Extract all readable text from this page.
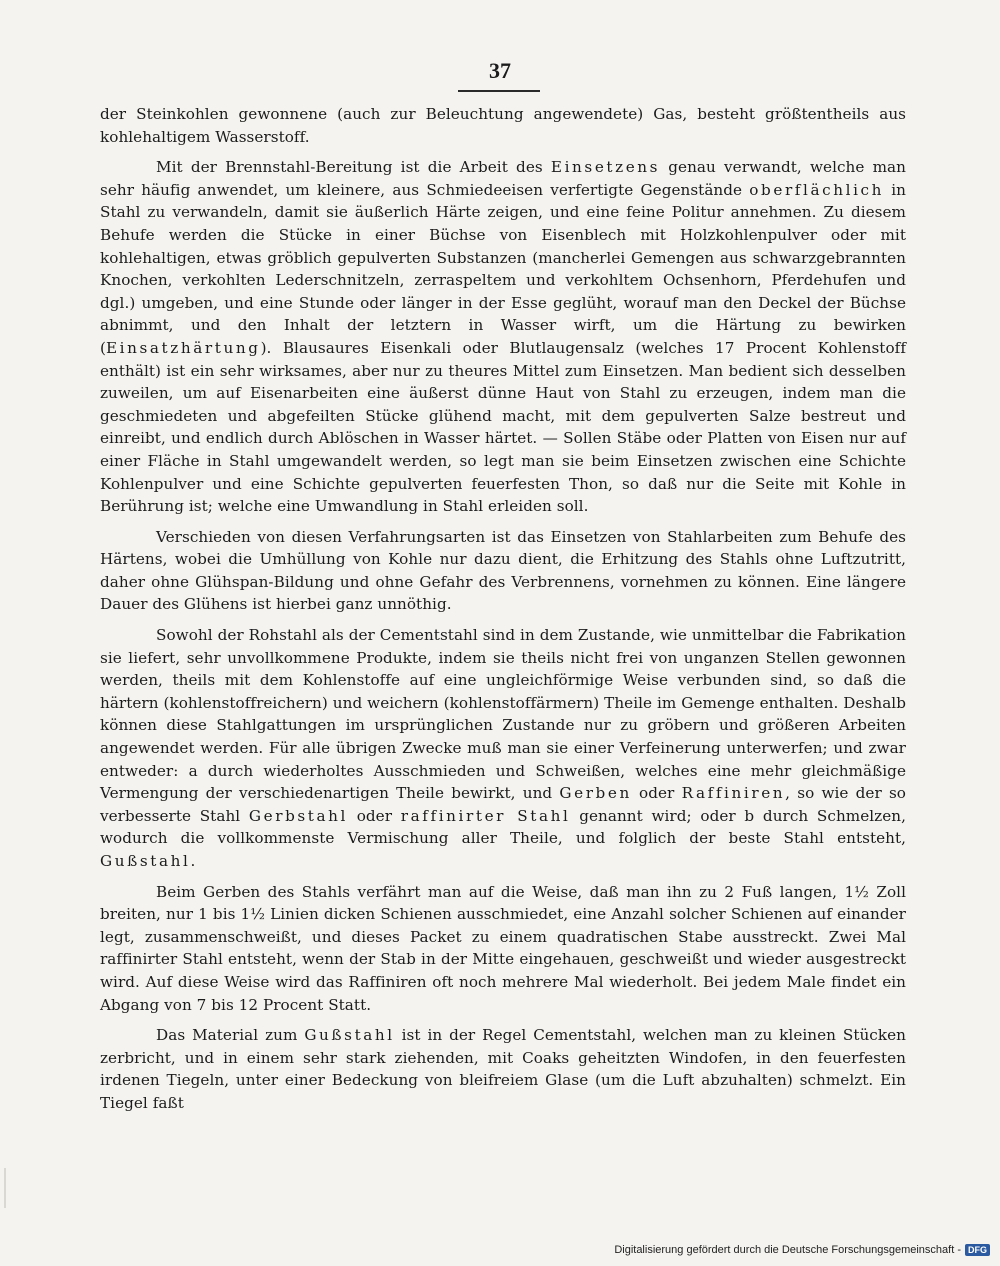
37

der Steinkohlen gewonnene (auch zur Beleuchtung angewendete) Gas, besteht größtentheils aus kohlehaltigem Wasserstoff.

Mit der Brennstahl-Bereitung ist die Arbeit des Einsetzens genau verwandt, welche man sehr häufig anwendet, um kleinere, aus Schmiedeeisen verfertigte Gegenstände oberflächlich in Stahl zu verwandeln, damit sie äußerlich Härte zeigen, und eine feine Politur annehmen. Zu diesem Behufe werden die Stücke in einer Büchse von Eisenblech mit Holzkohlenpulver oder mit kohlehaltigen, etwas gröblich gepulverten Substanzen (mancherlei Gemengen aus schwarzgebrannten Knochen, verkohlten Lederschnitzeln, zerraspeltem und verkohltem Ochsenhorn, Pferdehufen und dgl.) umgeben, und eine Stunde oder länger in der Esse geglüht, worauf man den Deckel der Büchse abnimmt, und den Inhalt der letztern in Wasser wirft, um die Härtung zu bewirken (Einsatzhärtung). Blausaures Eisenkali oder Blutlaugensalz (welches 17 Procent Kohlenstoff enthält) ist ein sehr wirksames, aber nur zu theures Mittel zum Einsetzen. Man bedient sich desselben zuweilen, um auf Eisenarbeiten eine äußerst dünne Haut von Stahl zu erzeugen, indem man die geschmiedeten und abgefeilten Stücke glühend macht, mit dem gepulverten Salze bestreut und einreibt, und endlich durch Ablöschen in Wasser härtet. — Sollen Stäbe oder Platten von Eisen nur auf einer Fläche in Stahl umgewandelt werden, so legt man sie beim Einsetzen zwischen eine Schichte Kohlenpulver und eine Schichte gepulverten feuerfesten Thon, so daß nur die Seite mit Kohle in Berührung ist; welche eine Umwandlung in Stahl erleiden soll.

Verschieden von diesen Verfahrungsarten ist das Einsetzen von Stahlarbeiten zum Behufe des Härtens, wobei die Umhüllung von Kohle nur dazu dient, die Erhitzung des Stahls ohne Luftzutritt, daher ohne Glühspan-Bildung und ohne Gefahr des Verbrennens, vornehmen zu können. Eine längere Dauer des Glühens ist hierbei ganz unnöthig.

Sowohl der Rohstahl als der Cementstahl sind in dem Zustande, wie unmittelbar die Fabrikation sie liefert, sehr unvollkommene Produkte, indem sie theils nicht frei von unganzen Stellen gewonnen werden, theils mit dem Kohlenstoffe auf eine ungleichförmige Weise verbunden sind, so daß die härtern (kohlenstoffreichern) und weichern (kohlenstoffärmern) Theile im Gemenge enthalten. Deshalb können diese Stahlgattungen im ursprünglichen Zustande nur zu gröbern und größeren Arbeiten angewendet werden. Für alle übrigen Zwecke muß man sie einer Verfeinerung unterwerfen; und zwar entweder: a durch wiederholtes Ausschmieden und Schweißen, welches eine mehr gleichmäßige Vermengung der verschiedenartigen Theile bewirkt, und Gerben oder Raffiniren, so wie der so verbesserte Stahl Gerbstahl oder raffinirter Stahl genannt wird; oder b durch Schmelzen, wodurch die vollkommenste Vermischung aller Theile, und folglich der beste Stahl entsteht, Gußstahl.

Beim Gerben des Stahls verfährt man auf die Weise, daß man ihn zu 2 Fuß langen, 1½ Zoll breiten, nur 1 bis 1½ Linien dicken Schienen ausschmiedet, eine Anzahl solcher Schienen auf einander legt, zusammenschweißt, und dieses Packet zu einem quadratischen Stabe ausstreckt. Zwei Mal raffinirter Stahl entsteht, wenn der Stab in der Mitte eingehauen, geschweißt und wieder ausgestreckt wird. Auf diese Weise wird das Raffiniren oft noch mehrere Mal wiederholt. Bei jedem Male findet ein Abgang von 7 bis 12 Procent Statt.

Das Material zum Gußstahl ist in der Regel Cementstahl, welchen man zu kleinen Stücken zerbricht, und in einem sehr stark ziehenden, mit Coaks geheitzten Windofen, in den feuerfesten irdenen Tiegeln, unter einer Bedeckung von bleifreiem Glase (um die Luft abzuhalten) schmelzt. Ein Tiegel faßt

Digitalisierung gefördert durch die Deutsche Forschungsgemeinschaft - DFG
